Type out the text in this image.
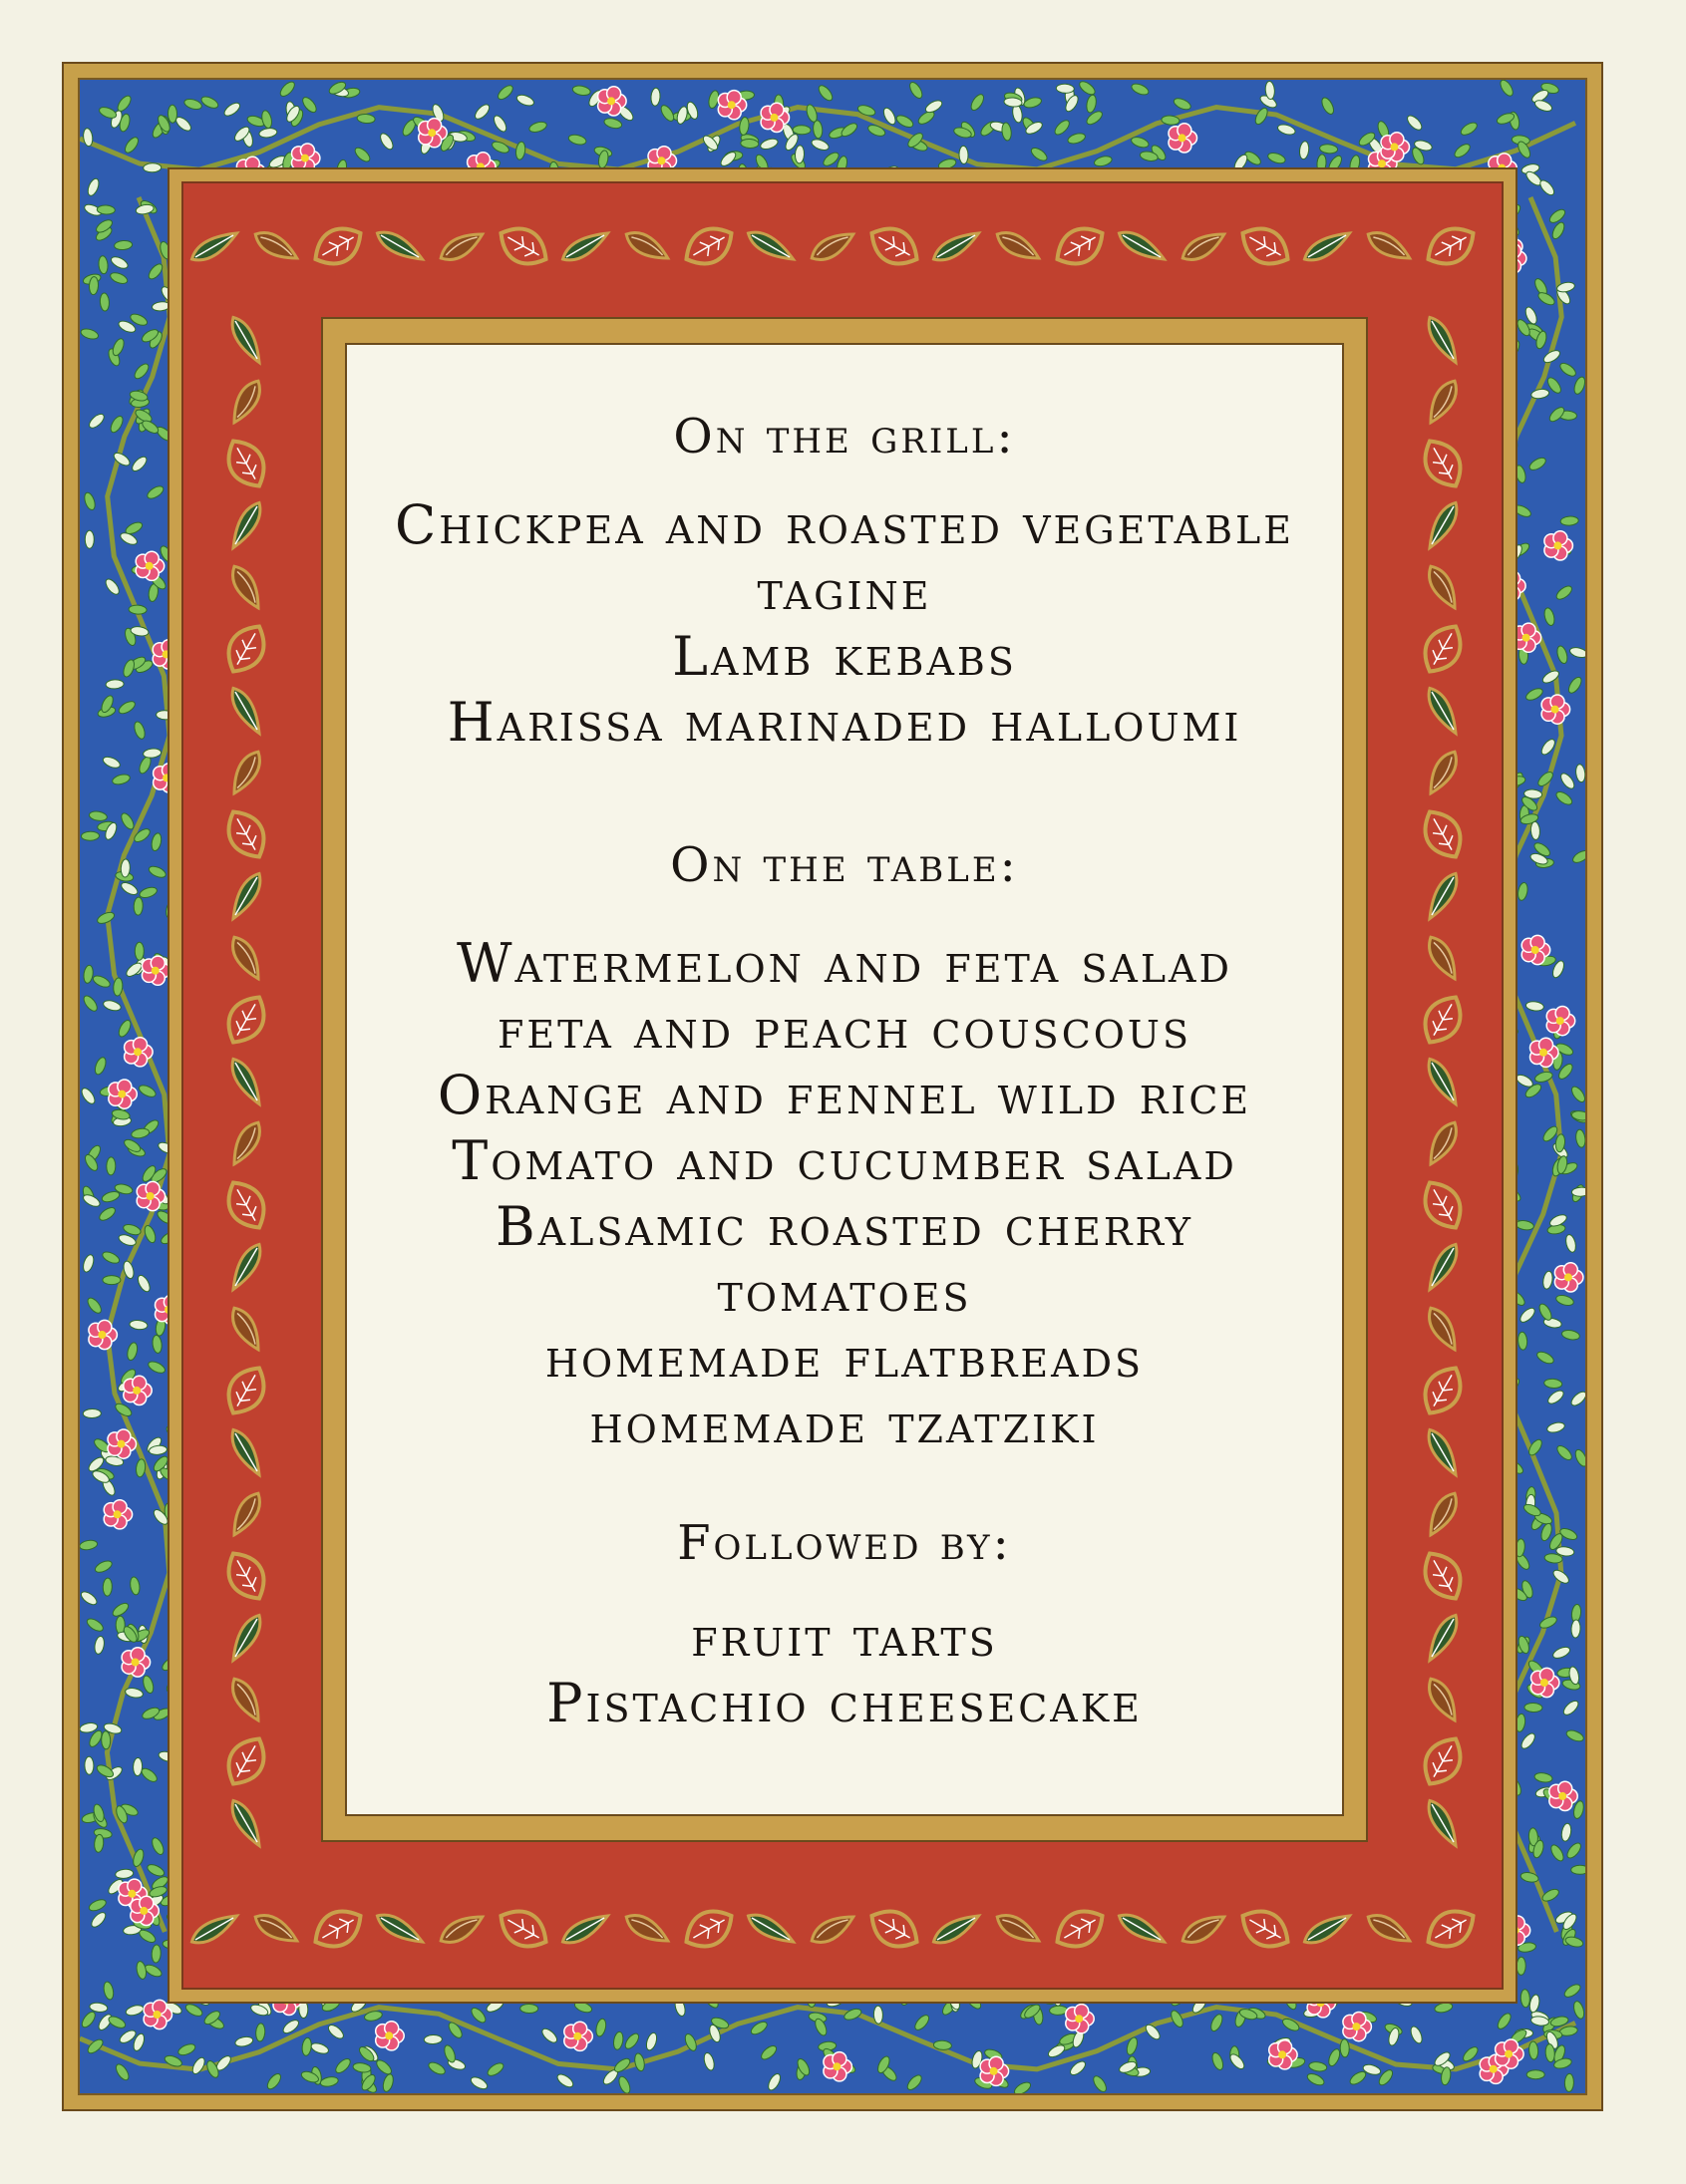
On the grill:

Chickpea and roasted vegetable

tagine

Lamb kebabs

Harissa marinaded halloumi

On the table:

Watermelon and feta salad

feta and peach couscous

Orange and fennel wild rice

Tomato and cucumber salad

Balsamic roasted cherry

tomatoes

homemade flatbreads

homemade tzatziki

Followed by:

fruit tarts

Pistachio cheesecake
